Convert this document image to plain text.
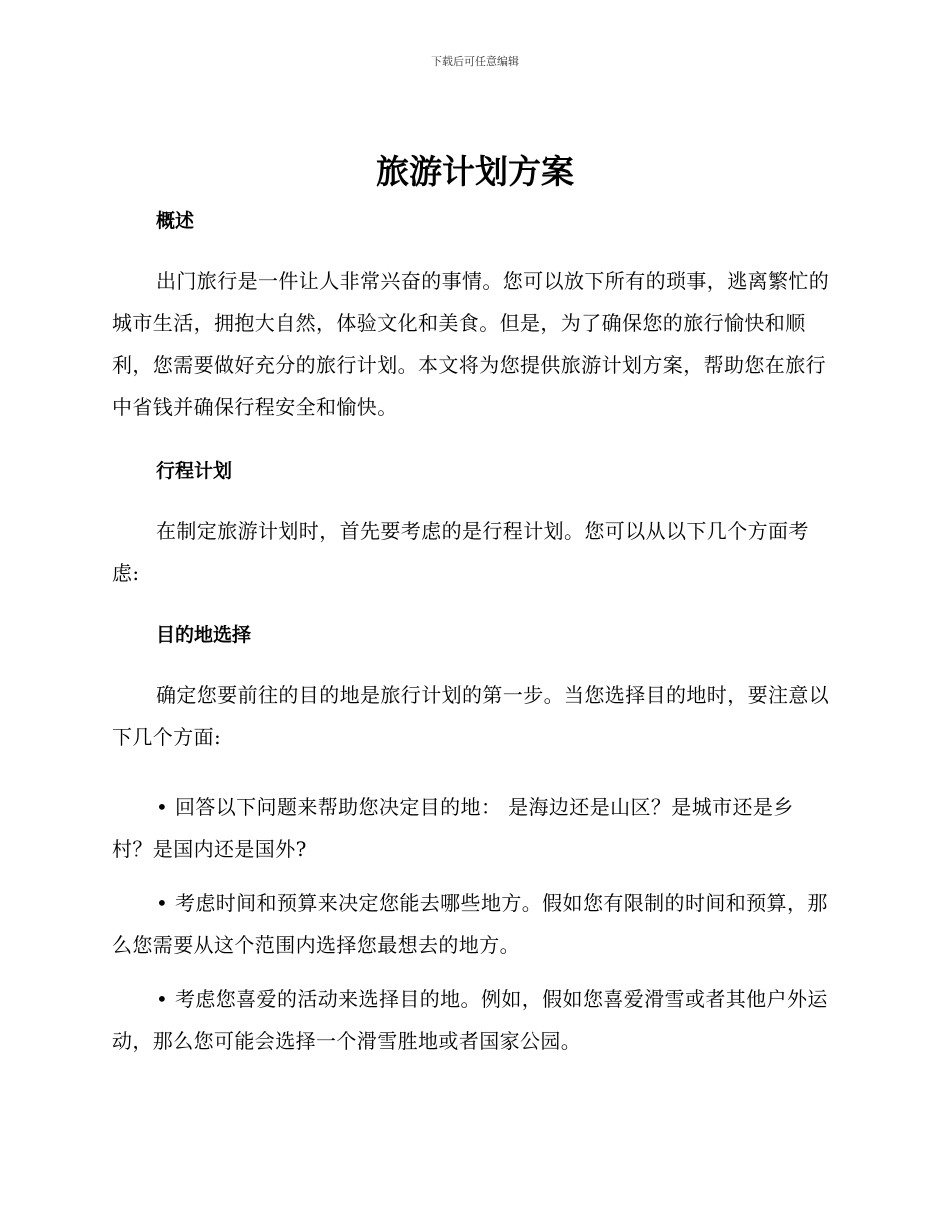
下载后可任意编辑
旅游计划方案
概述

出门旅行是一件让人非常兴奋的事情。您可以放下所有的琐事，逃离繁忙的城市生活，拥抱大自然，体验文化和美食。但是，为了确保您的旅行愉快和顺利，您需要做好充分的旅行计划。本文将为您提供旅游计划方案，帮助您在旅行中省钱并确保行程安全和愉快。

行程计划

在制定旅游计划时，首先要考虑的是行程计划。您可以从以下几个方面考虑:

目的地选择

确定您要前往的目的地是旅行计划的第一步。当您选择目的地时，要注意以下几个方面:

• 回答以下问题来帮助您决定目的地： 是海边还是山区？是城市还是乡村？是国内还是国外?

• 考虑时间和预算来决定您能去哪些地方。假如您有限制的时间和预算，那么您需要从这个范围内选择您最想去的地方。

• 考虑您喜爱的活动来选择目的地。例如，假如您喜爱滑雪或者其他户外运动，那么您可能会选择一个滑雪胜地或者国家公园。
